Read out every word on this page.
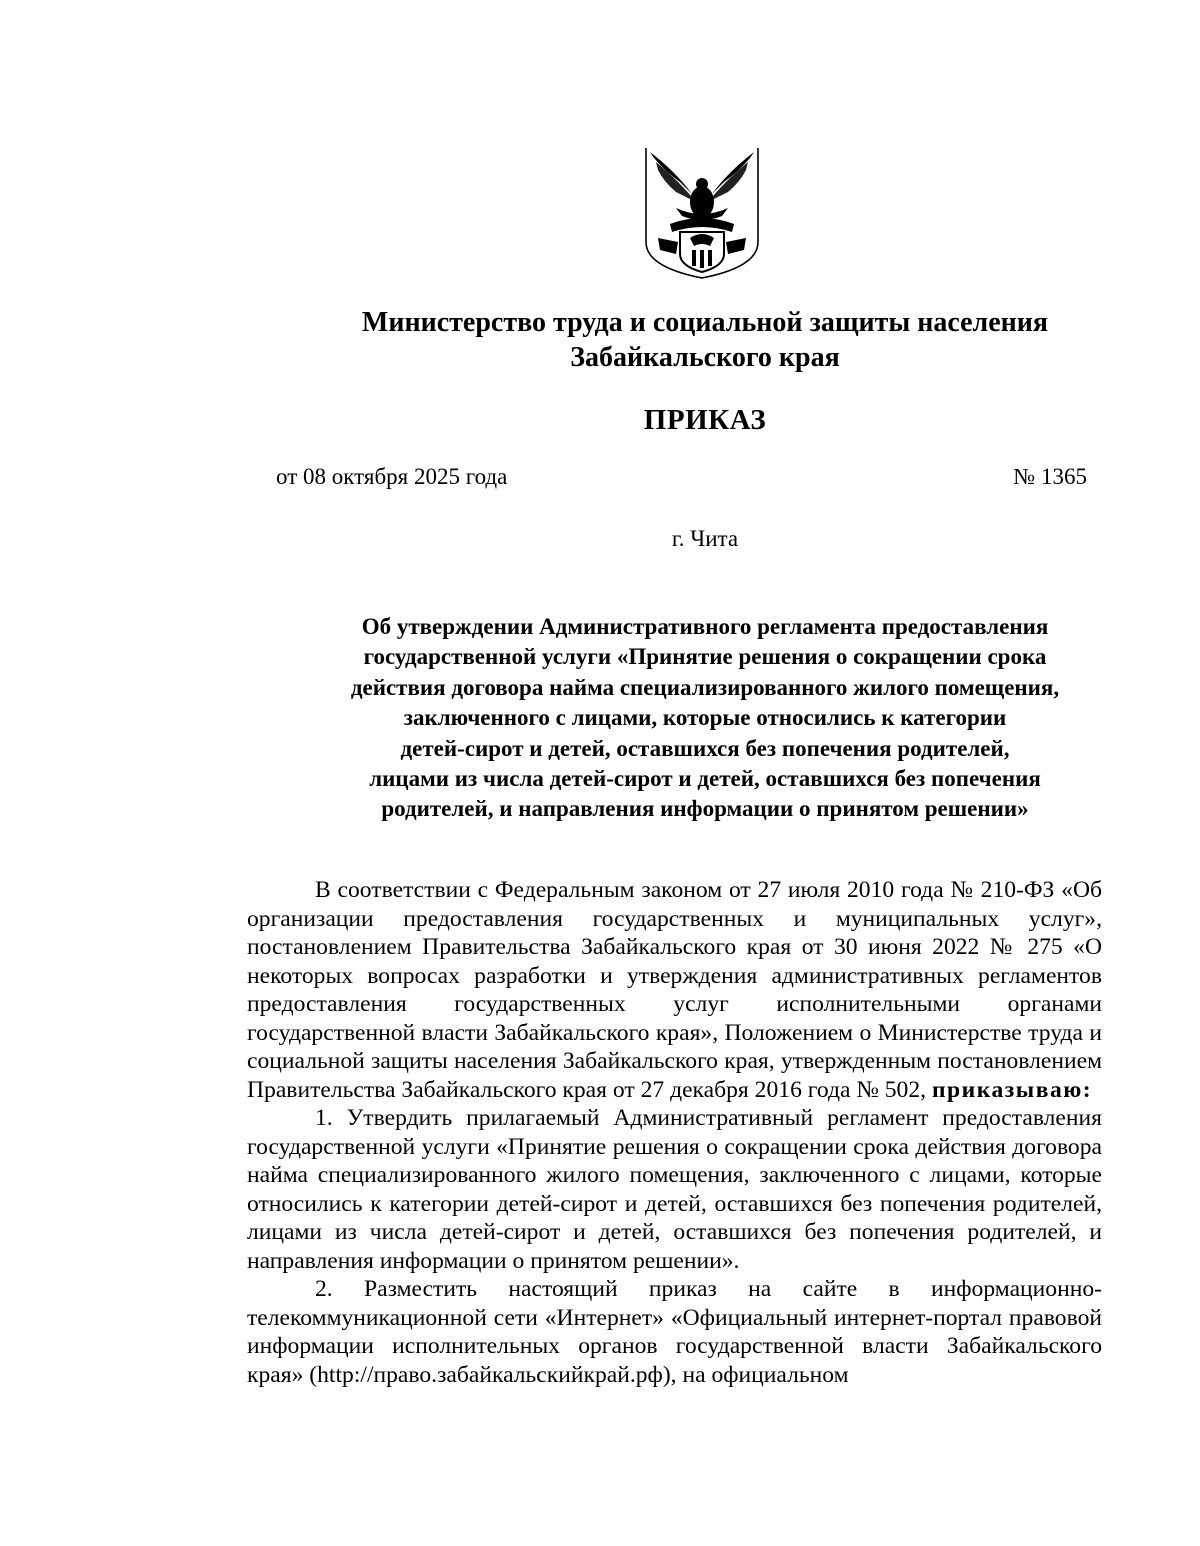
Министерство труда и социальной защиты населения
Забайкальского края
ПРИКАЗ
от 08 октября 2025 года	№ 1365
г. Чита
Об утверждении Административного регламента предоставления
государственной услуги «Принятие решения о сокращении срока
действия договора найма специализированного жилого помещения,
заключенного с лицами, которые относились к категории
детей-сирот и детей, оставшихся без попечения родителей,
лицами из числа детей-сирот и детей, оставшихся без попечения
родителей, и направления информации о принятом решении»

В соответствии с Федеральным законом от 27 июля 2010 года № 210-ФЗ «Об организации предоставления государственных и муниципальных услуг», постановлением Правительства Забайкальского края от 30 июня 2022 № 275 «О некоторых вопросах разработки и утверждения административных регламентов предоставления государственных услуг исполнительными органами государственной власти Забайкальского края», Положением о Министерстве труда и социальной защиты населения Забайкальского края, утвержденным постановлением Правительства Забайкальского края от 27 декабря 2016 года № 502, приказываю:

1. Утвердить прилагаемый Административный регламент предоставления государственной услуги «Принятие решения о сокращении срока действия договора найма специализированного жилого помещения, заключенного с лицами, которые относились к категории детей-сирот и детей, оставшихся без попечения родителей, лицами из числа детей-сирот и детей, оставшихся без попечения родителей, и направления информации о принятом решении».

2. Разместить настоящий приказ на сайте в информационно-телекоммуникационной сети «Интернет» «Официальный интернет-портал правовой информации исполнительных органов государственной власти Забайкальского края» (http://право.забайкальскийкрай.рф), на официальном
